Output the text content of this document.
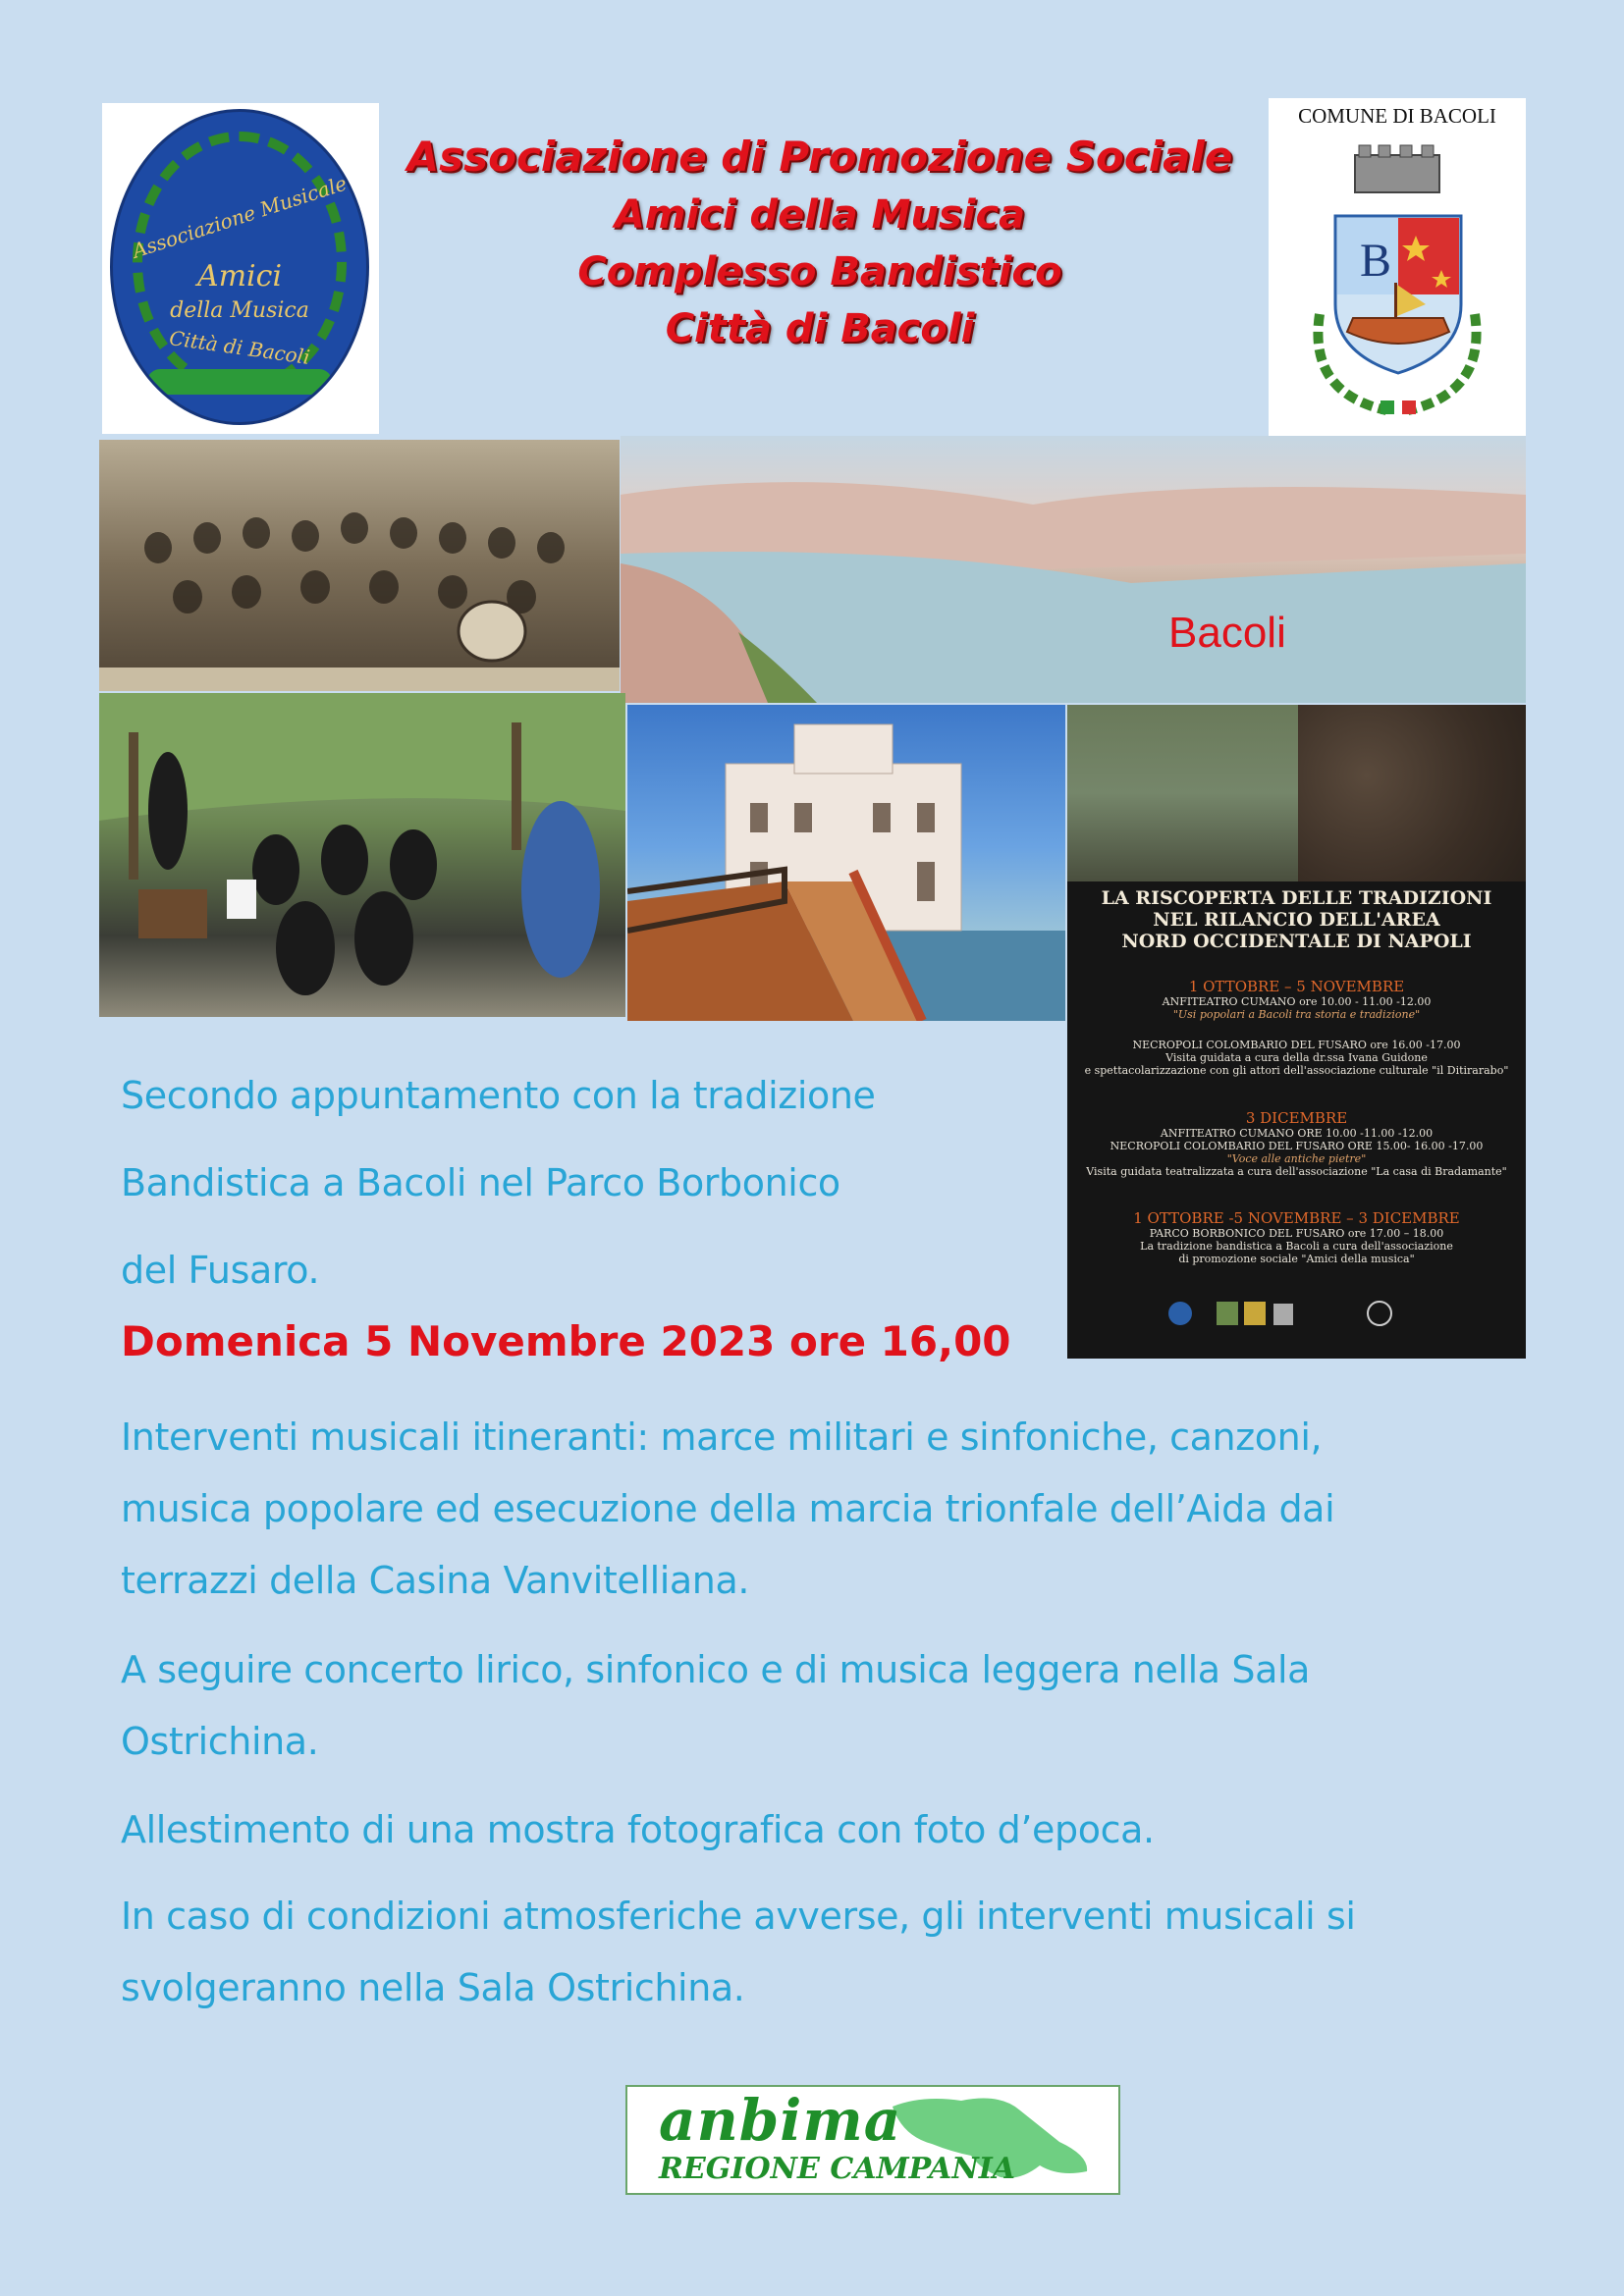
Associazione Musicale
Amici
della Musica
Città di Bacoli
Associazione di Promozione Sociale
Amici della Musica
Complesso Bandistico
Città di Bacoli
COMUNE DI BACOLI
B
Bacoli
LA RISCOPERTA DELLE TRADIZIONI
NEL RILANCIO DELL'AREA
NORD OCCIDENTALE DI NAPOLI
1 OTTOBRE – 5 NOVEMBRE
ANFITEATRO CUMANO ore 10.00 - 11.00 -12.00
"Usi popolari a Bacoli tra storia e tradizione"
NECROPOLI COLOMBARIO DEL FUSARO ore 16.00 -17.00
Visita guidata a cura della dr.ssa Ivana Guidone
e spettacolarizzazione con gli attori dell'associazione culturale "il Ditirarabo"
3 DICEMBRE
ANFITEATRO CUMANO ORE 10.00 -11.00 -12.00
NECROPOLI COLOMBARIO DEL FUSARO ORE 15.00- 16.00 -17.00
"Voce alle antiche pietre"
Visita guidata teatralizzata a cura dell'associazione "La casa di Bradamante"
1 OTTOBRE -5 NOVEMBRE – 3 DICEMBRE
PARCO BORBONICO DEL FUSARO ore 17.00 – 18.00
La tradizione bandistica a Bacoli a cura dell'associazione
di promozione sociale "Amici della musica"
Secondo appuntamento con la tradizione
Bandistica a Bacoli nel Parco Borbonico
del Fusaro.
Domenica 5 Novembre 2023 ore 16,00
Interventi musicali itineranti: marce militari e sinfoniche, canzoni,
musica popolare ed esecuzione della marcia trionfale dell’Aida dai
terrazzi della Casina Vanvitelliana.
A seguire concerto lirico, sinfonico e di musica leggera nella Sala
Ostrichina.
Allestimento di una mostra fotografica con foto d’epoca.
In caso di condizioni atmosferiche avverse, gli interventi musicali si
svolgeranno nella Sala Ostrichina.
anbima
REGIONE CAMPANIA
